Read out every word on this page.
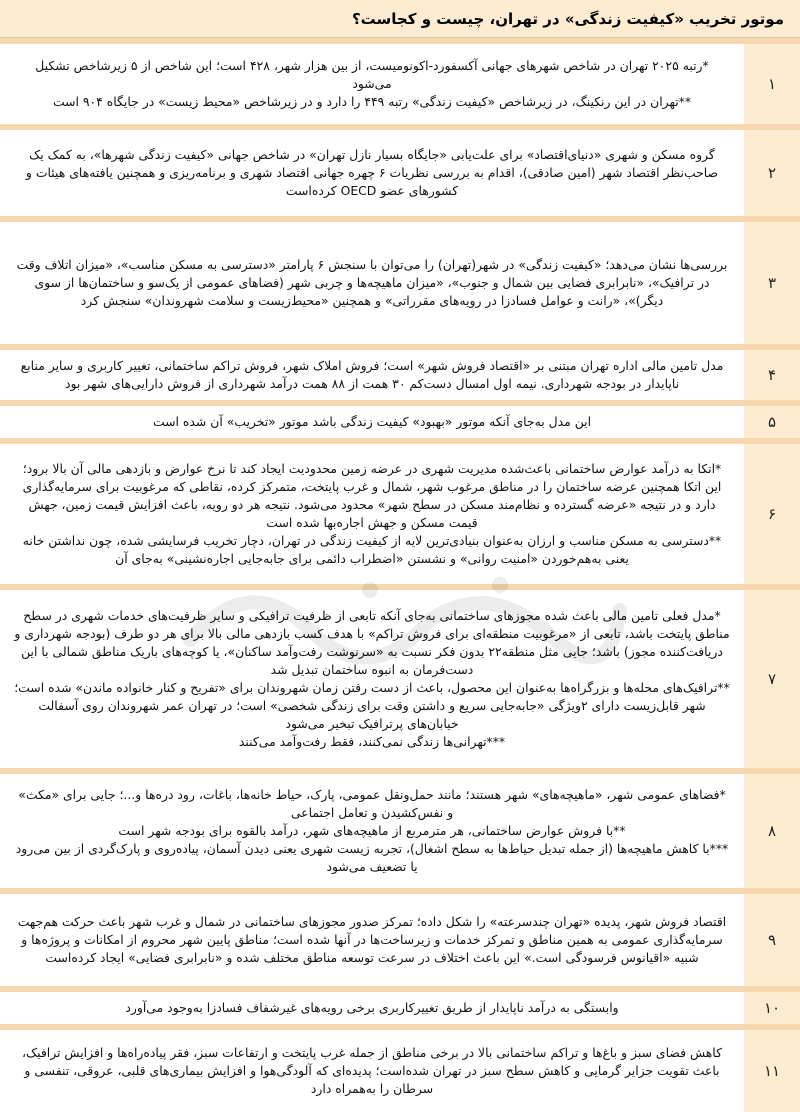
موتور تخریب «کیفیت زندگی» در تهران، چیست و کجاست؟
۱

*رتبه ۲۰۲۵ تهران در شاخص شهرهای جهانی آکسفورد-اکونومیست، از بین هزار شهر، ۴۲۸ است؛ این شاخص از ۵ زیرشاخص تشکیل می‌شود

**تهران در این رنکینگ، در زیرشاخص «کیفیت زندگی» رتبه ۴۴۹ را دارد و در زیرشاخص «محیط زیست» در جایگاه ۹۰۴ است

۲

گروه مسکن و شهری «دنیای‌اقتصاد» برای علت‌یابی «جایگاه بسیار نازل تهران» در شاخص جهانی «کیفیت زندگی شهرها»، به کمک یک صاحب‌نظر اقتصاد شهر (امین صادقی)، اقدام به بررسی نظریات ۶ چهره جهانی اقتصاد شهری و برنامه‌ریزی و همچنین یافته‌های هیئات و کشورهای عضو OECD کرده‌است

۳

بررسی‌ها نشان می‌دهد؛ «کیفیت زندگی» در شهر(تهران) را می‌توان با سنجش ۶ پارامتر «دسترسی به مسکن مناسب»، «میزان اتلاف وقت در ترافیک»، «نابرابری فضایی بین شمال و جنوب»، «میزان ماهیچه‌ها و چربی شهر (فضاهای عمومی از یک‌سو و ساختمان‌ها از سوی دیگر)»، «رانت و عوامل فسادزا در رویه‌های مقرراتی» و همچنین «محیط‌زیست و سلامت شهروندان» سنجش کرد

۴

مدل تامین مالی اداره تهران مبتنی بر «اقتصاد فروش شهر» است؛ فروش املاک شهر، فروش تراکم ساختمانی، تغییر کاربری و سایر منابع ناپایدار در بودجه شهرداری. نیمه اول امسال دست‌کم ۳۰ همت از ۸۸ همت درآمد شهرداری از فروش دارایی‌های شهر بود

۵

این مدل به‌جای آنکه موتور «بهبود» کیفیت زندگی باشد موتور «تخریب» آن شده است

۶

*اتکا به درآمد عوارض ساختمانی باعث‌شده مدیریت شهری در عرضه زمین محدودیت ایجاد کند تا نرخ عوارض و بازدهی مالی آن بالا برود؛ این اتکا همچنین عرضه ساختمان را در مناطق مرغوب شهر، شمال و غرب پایتخت، متمرکز کرده، نقاطی که مرغوبیت برای سرمایه‌گذاری دارد و در نتیجه «عرضه گسترده و نظام‌مند مسکن در سطح شهر» محدود می‌شود. نتیجه هر دو رویه، باعث افزایش قیمت زمین، جهش قیمت مسکن و جهش اجاره‌بها شده است

**دسترسی به مسکن مناسب و ارزان به‌عنوان بنیادی‌ترین لایه از کیفیت زندگی در تهران، دچار تخریب فرسایشی شده، چون نداشتن خانه یعنی به‌هم‌خوردن «امنیت روانی» و نشستن «اضطراب دائمی برای جابه‌جایی اجاره‌نشینی» به‌جای آن

۷

*مدل فعلی تامین مالی باعث شده مجوزهای ساختمانی به‌جای آنکه تابعی از ظرفیت ترافیکی و سایر ظرفیت‌های خدمات شهری در سطح مناطق پایتخت باشد، تابعی از «مرغوبیت منطقه‌ای برای فروش تراکم» با هدف کسب بازدهی مالی بالا برای هر دو طرف (بودجه شهرداری و دریافت‌کننده مجوز) باشد؛ جایی مثل منطقه۲۲ بدون فکر نسبت به «سرنوشت رفت‌وآمد ساکنان»، یا کوچه‌های باریک مناطق شمالی با این دست‌فرمان به انبوه ساختمان تبدیل شد

**ترافیک‌های محله‌ها و بزرگراه‌ها به‌عنوان این محصول، باعث از دست رفتن زمان شهروندان برای «تفریح و کنار خانواده ماندن» شده است؛ شهر قابل‌زیست دارای ۲ویژگی «جابه‌جایی سریع و داشتن وقت برای زندگی شخصی» است؛ در تهران عمر شهروندان روی آسفالت خیابان‌های پرترافیک تبخیر می‌شود

***تهرانی‌ها زندگی نمی‌کنند، فقط رفت‌وآمد می‌کنند

۸

*فضاهای عمومی شهر، «ماهیچه‌های» شهر هستند؛ مانند حمل‌ونقل عمومی، پارک، حیاط خانه‌ها، باغات، رود دره‌ها و...؛ جایی برای «مکث» و نفس‌کشیدن و تعامل اجتماعی

**با فروش عوارض ساختمانی، هر مترمربع از ماهیچه‌های شهر، درآمد بالقوه برای بودجه شهر است

***با کاهش ماهیچه‌ها (از جمله تبدیل حیاط‌ها به سطح اشغال)، تجربه زیست شهری یعنی دیدن آسمان، پیاده‌روی و پارک‌گردی از بین می‌رود یا تضعیف می‌شود

۹

اقتصاد فروش شهر، پدیده «تهران چندسرعته» را شکل داده؛ تمرکز صدور مجوزهای ساختمانی در شمال و غرب شهر باعث حرکت هم‌جهت سرمایه‌گذاری عمومی به همین مناطق و تمرکز خدمات و زیرساخت‌ها در آنها شده است؛ مناطق پایین شهر محروم از امکانات و پروژه‌ها و شبیه «اقیانوس فرسودگی است.» این باعث اختلاف در سرعت توسعه مناطق مختلف شده و «نابرابری فضایی» ایجاد کرده‌است

۱۰

وابستگی به درآمد ناپایدار از طریق تغییرکاربری برخی رویه‌های غیرشفاف فسادزا به‌وجود می‌آورد

۱۱

کاهش فضای سبز و باغ‌ها و تراکم ساختمانی بالا در برخی مناطق از جمله غرب پایتخت و ارتفاعات سبز، فقر پیاده‌راه‌ها و افزایش ترافیک، باعث تقویت جزایر گرمایی و کاهش سطح سبز در تهران شده‌است؛ پدیده‌ای که آلودگی‌هوا و افزایش بیماری‌های قلبی، عروقی، تنفسی و سرطان را به‌همراه دارد
